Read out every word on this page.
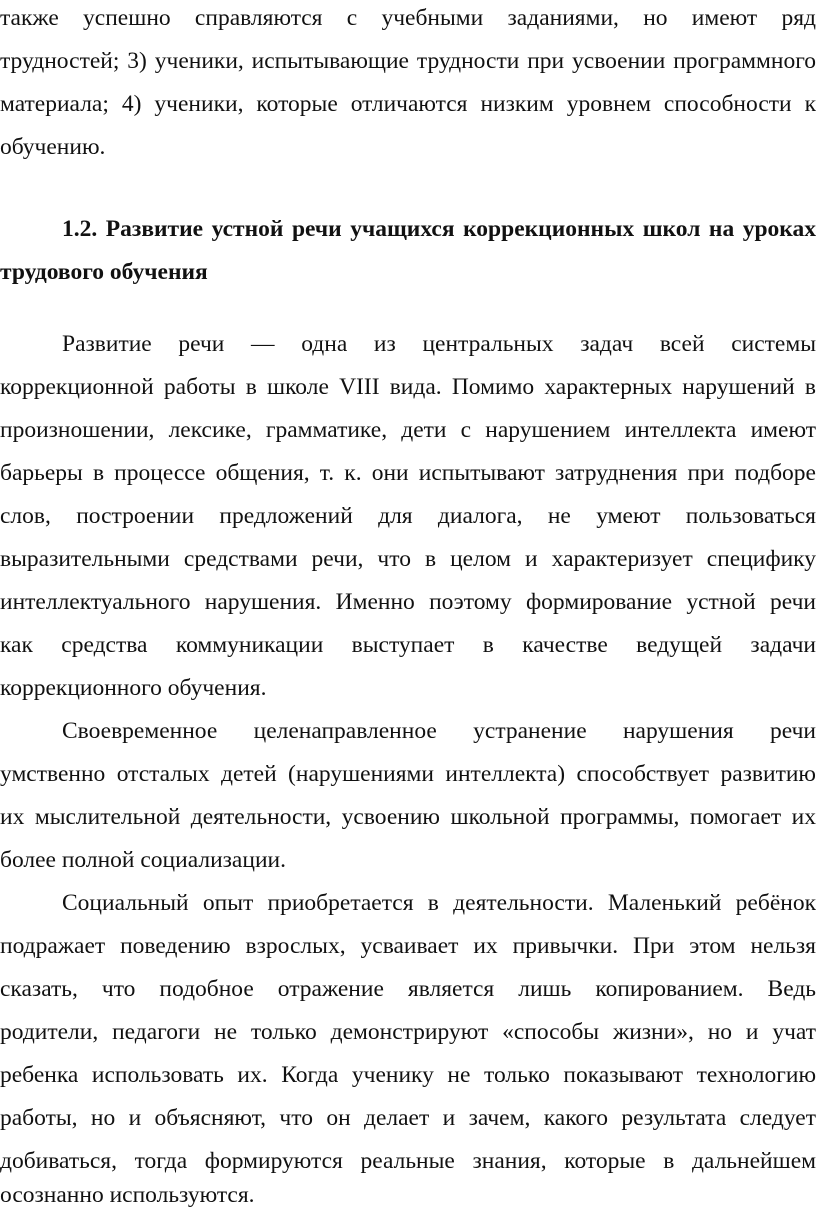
также успешно справляются с учебными заданиями, но имеют ряд
трудностей; 3) ученики, испытывающие трудности при усвоении программного
материала; 4) ученики, которые отличаются низким уровнем способности к
обучению.
1.2. Развитие устной речи учащихся коррекционных школ на уроках
трудового обучения
Развитие речи — одна из центральных задач всей системы
коррекционной работы в школе VIII вида. Помимо характерных нарушений в
произношении, лексике, грамматике, дети с нарушением интеллекта имеют
барьеры в процессе общения, т. к. они испытывают затруднения при подборе
слов, построении предложений для диалога, не умеют пользоваться
выразительными средствами речи, что в целом и характеризует специфику
интеллектуального нарушения. Именно поэтому формирование устной речи
как средства коммуникации выступает в качестве ведущей задачи
коррекционного обучения.
Своевременное целенаправленное устранение нарушения речи
умственно отсталых детей (нарушениями интеллекта) способствует развитию
их мыслительной деятельности, усвоению школьной программы, помогает их
более полной социализации.
Социальный опыт приобретается в деятельности. Маленький ребёнок
подражает поведению взрослых, усваивает их привычки. При этом нельзя
сказать, что подобное отражение является лишь копированием. Ведь
родители, педагоги не только демонстрируют «способы жизни», но и учат
ребенка использовать их. Когда ученику не только показывают технологию
работы, но и объясняют, что он делает и зачем, какого результата следует
добиваться, тогда формируются реальные знания, которые в дальнейшем
осознанно используются.
